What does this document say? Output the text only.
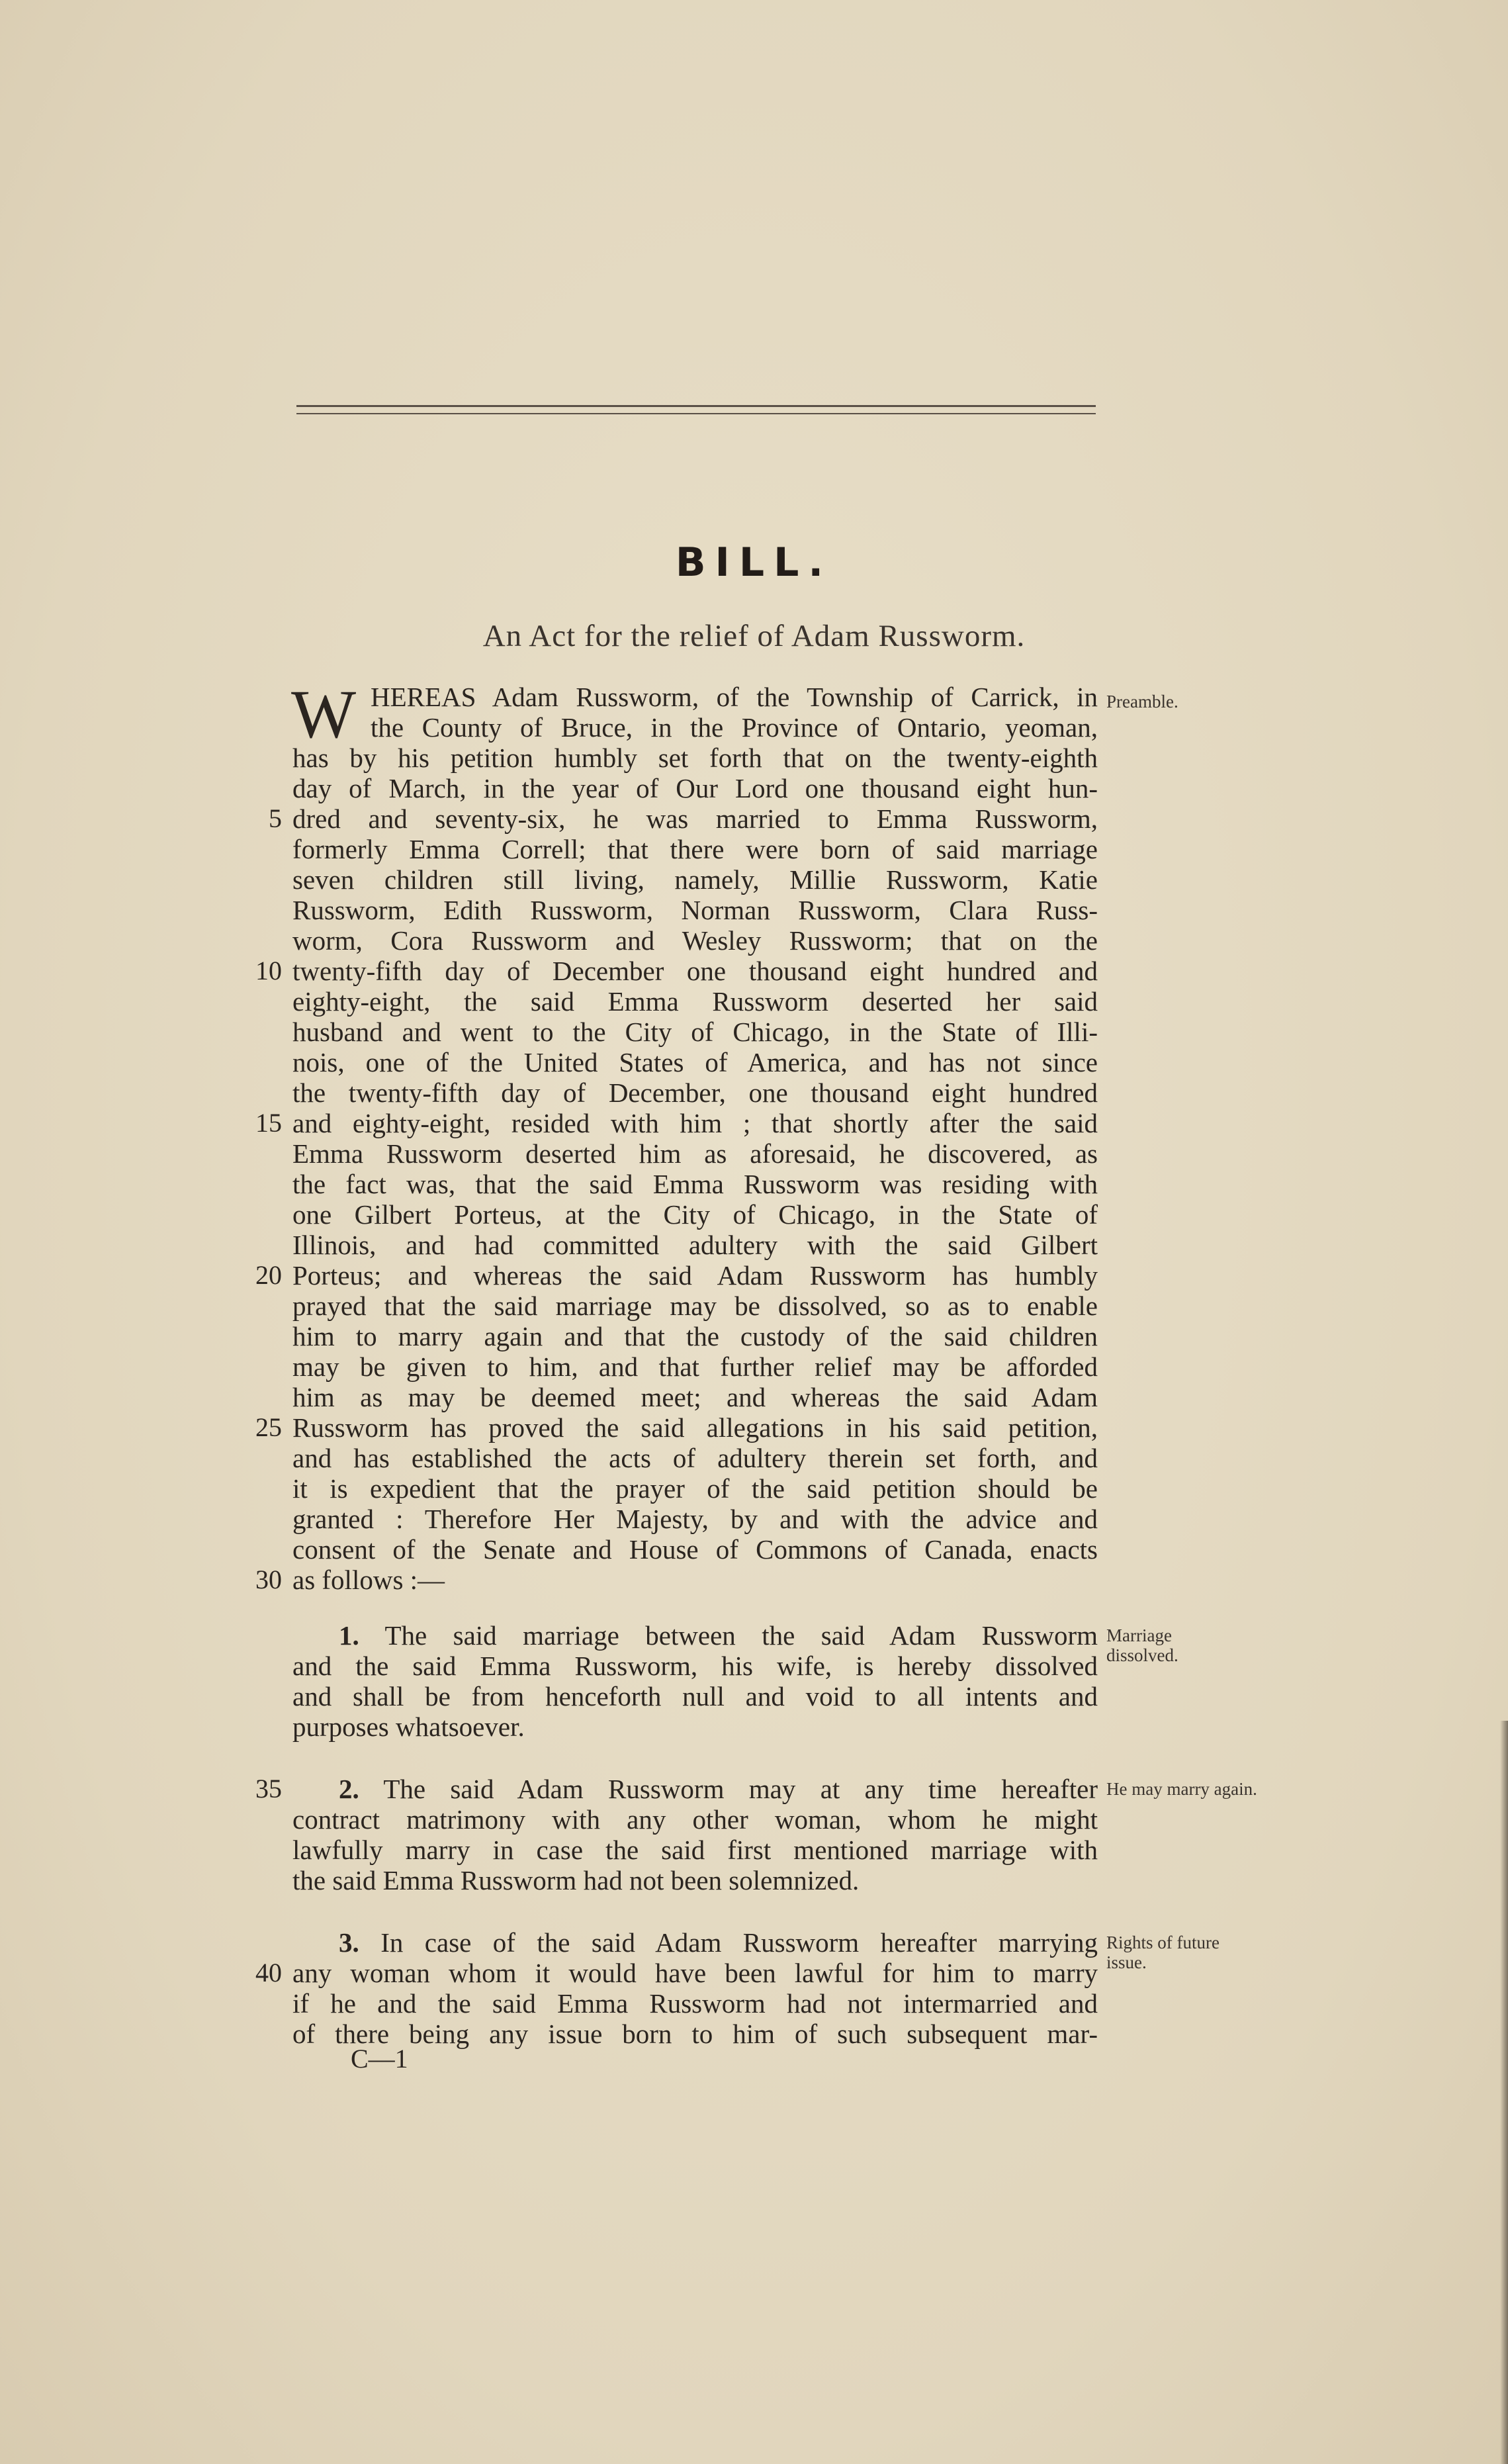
BILL.
An Act for the relief of Adam Russworm.
W HEREAS Adam Russworm, of the Township of Carrick, in
the County of Bruce, in the Province of Ontario, yeoman,
has by his petition humbly set forth that on the twenty-eighth
day of March, in the year of Our Lord one thousand eight hun-
dred and seventy-six, he was married to Emma Russworm,
formerly Emma Correll; that there were born of said marriage
seven children still living, namely, Millie Russworm, Katie
Russworm, Edith Russworm, Norman Russworm, Clara Russ-
worm, Cora Russworm and Wesley Russworm; that on the
twenty-fifth day of December one thousand eight hundred and
eighty-eight, the said Emma Russworm deserted her said
husband and went to the City of Chicago, in the State of Illi-
nois, one of the United States of America, and has not since
the twenty-fifth day of December, one thousand eight hundred
and eighty-eight, resided with him ; that shortly after the said
Emma Russworm deserted him as aforesaid, he discovered, as
the fact was, that the said Emma Russworm was residing with
one Gilbert Porteus, at the City of Chicago, in the State of
Illinois, and had committed adultery with the said Gilbert
Porteus; and whereas the said Adam Russworm has humbly
prayed that the said marriage may be dissolved, so as to enable
him to marry again and that the custody of the said children
may be given to him, and that further relief may be afforded
him as may be deemed meet; and whereas the said Adam
Russworm has proved the said allegations in his said petition,
and has established the acts of adultery therein set forth, and
it is expedient that the prayer of the said petition should be
granted : Therefore Her Majesty, by and with the advice and
consent of the Senate and House of Commons of Canada, enacts
as follows :—
1. The said marriage between the said Adam Russworm
and the said Emma Russworm, his wife, is hereby dissolved
and shall be from henceforth null and void to all intents and
purposes whatsoever.
2. The said Adam Russworm may at any time hereafter
contract matrimony with any other woman, whom he might
lawfully marry in case the said first mentioned marriage with
the said Emma Russworm had not been solemnized.
3. In case of the said Adam Russworm hereafter marrying
any woman whom it would have been lawful for him to marry
if he and the said Emma Russworm had not intermarried and
of there being any issue born to him of such subsequent mar-
C—1
5
10
15
20
25
30
35
40
Preamble.
Marriage dissolved.
He may marry again.
Rights of future issue.
